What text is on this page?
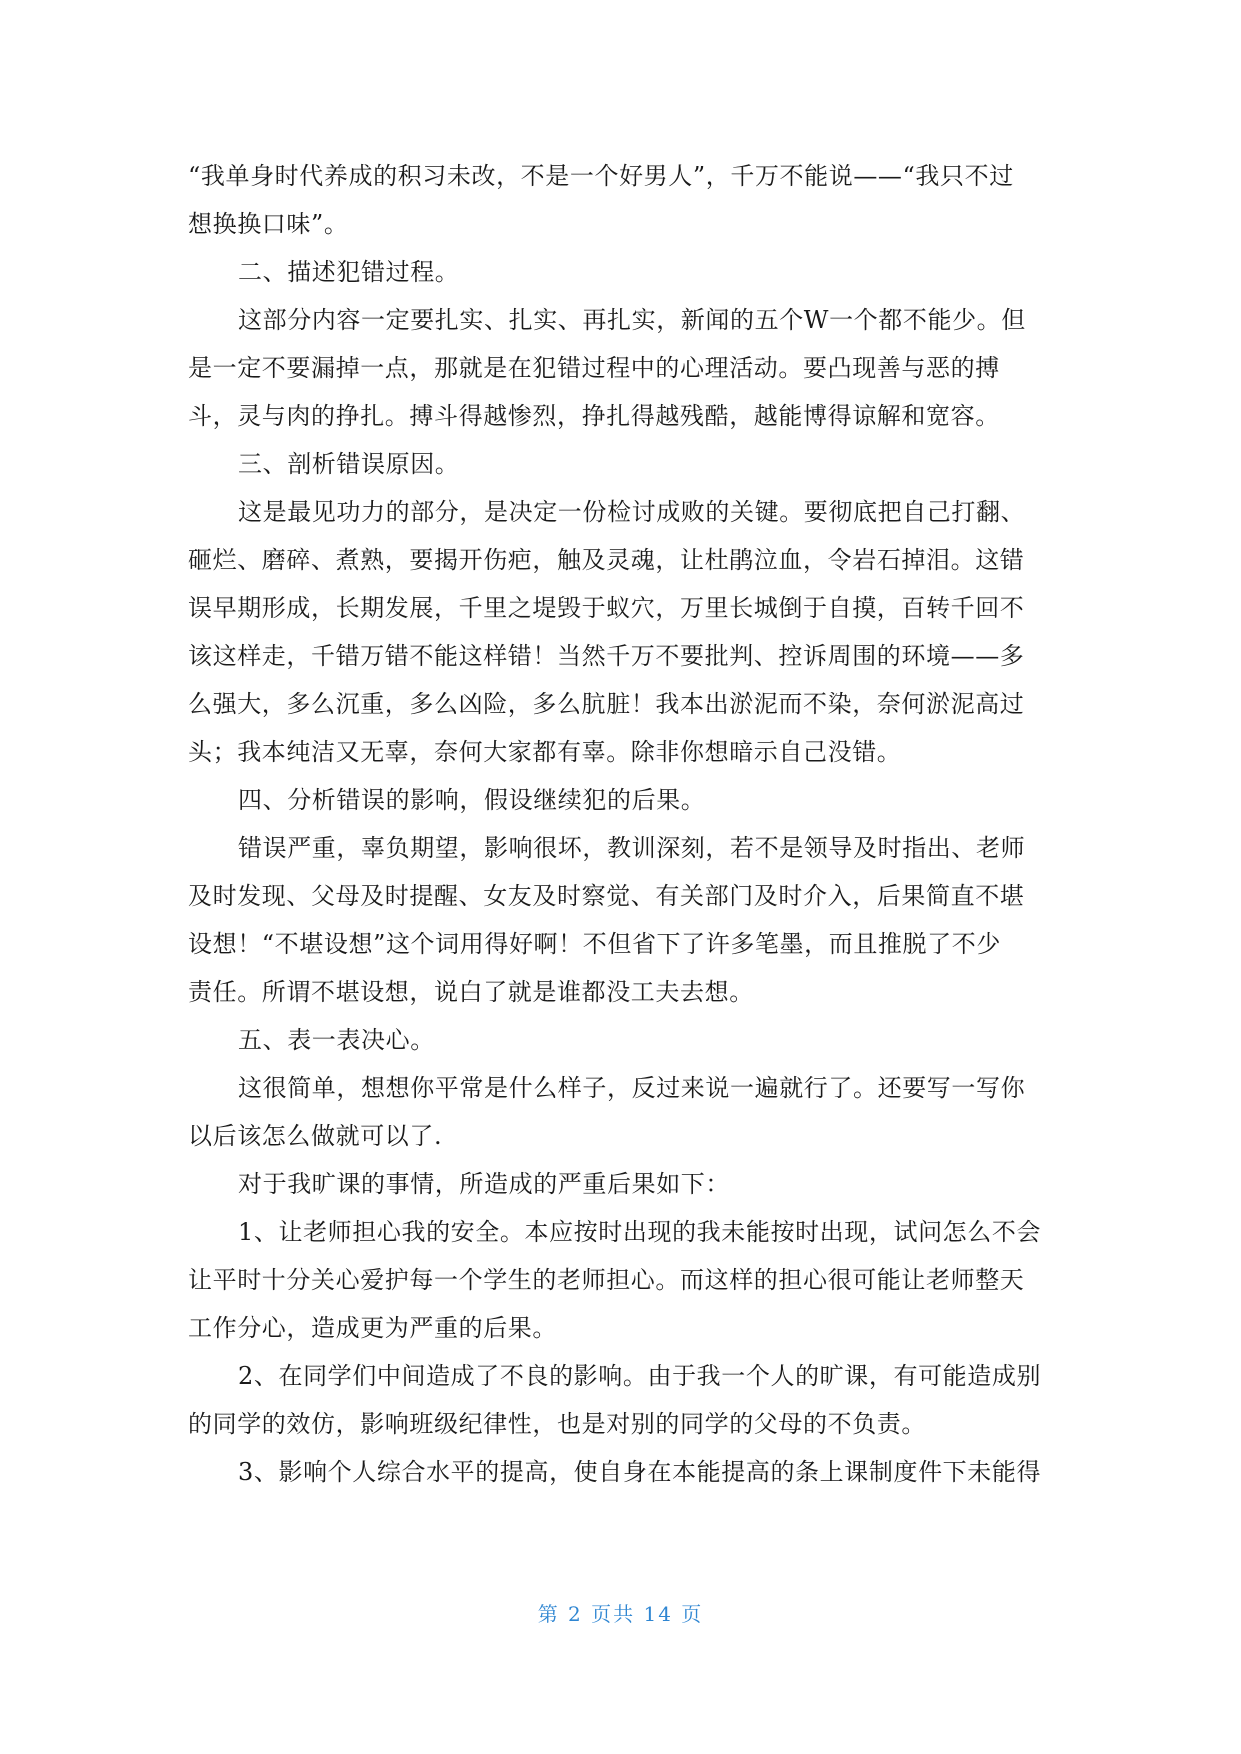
“我单身时代养成的积习未改，不是一个好男人”，千万不能说——“我只不过
想换换口味”。
二、描述犯错过程。
这部分内容一定要扎实、扎实、再扎实，新闻的五个W一个都不能少。但
是一定不要漏掉一点，那就是在犯错过程中的心理活动。要凸现善与恶的搏
斗，灵与肉的挣扎。搏斗得越惨烈，挣扎得越残酷，越能博得谅解和宽容。
三、剖析错误原因。
这是最见功力的部分，是决定一份检讨成败的关键。要彻底把自己打翻、
砸烂、磨碎、煮熟，要揭开伤疤，触及灵魂，让杜鹃泣血，令岩石掉泪。这错
误早期形成，长期发展，千里之堤毁于蚁穴，万里长城倒于自摸，百转千回不
该这样走，千错万错不能这样错！当然千万不要批判、控诉周围的环境——多
么强大，多么沉重，多么凶险，多么肮脏！我本出淤泥而不染，奈何淤泥高过
头；我本纯洁又无辜，奈何大家都有辜。除非你想暗示自己没错。
四、分析错误的影响，假设继续犯的后果。
错误严重，辜负期望，影响很坏，教训深刻，若不是领导及时指出、老师
及时发现、父母及时提醒、女友及时察觉、有关部门及时介入，后果简直不堪
设想！“不堪设想”这个词用得好啊！不但省下了许多笔墨，而且推脱了不少
责任。所谓不堪设想，说白了就是谁都没工夫去想。
五、表一表决心。
这很简单，想想你平常是什么样子，反过来说一遍就行了。还要写一写你
以后该怎么做就可以了.
对于我旷课的事情，所造成的严重后果如下：
1、让老师担心我的安全。本应按时出现的我未能按时出现，试问怎么不会
让平时十分关心爱护每一个学生的老师担心。而这样的担心很可能让老师整天
工作分心，造成更为严重的后果。
2、在同学们中间造成了不良的影响。由于我一个人的旷课，有可能造成别
的同学的效仿，影响班级纪律性，也是对别的同学的父母的不负责。
3、影响个人综合水平的提高，使自身在本能提高的条上课制度件下未能得
第 2 页共 14 页
